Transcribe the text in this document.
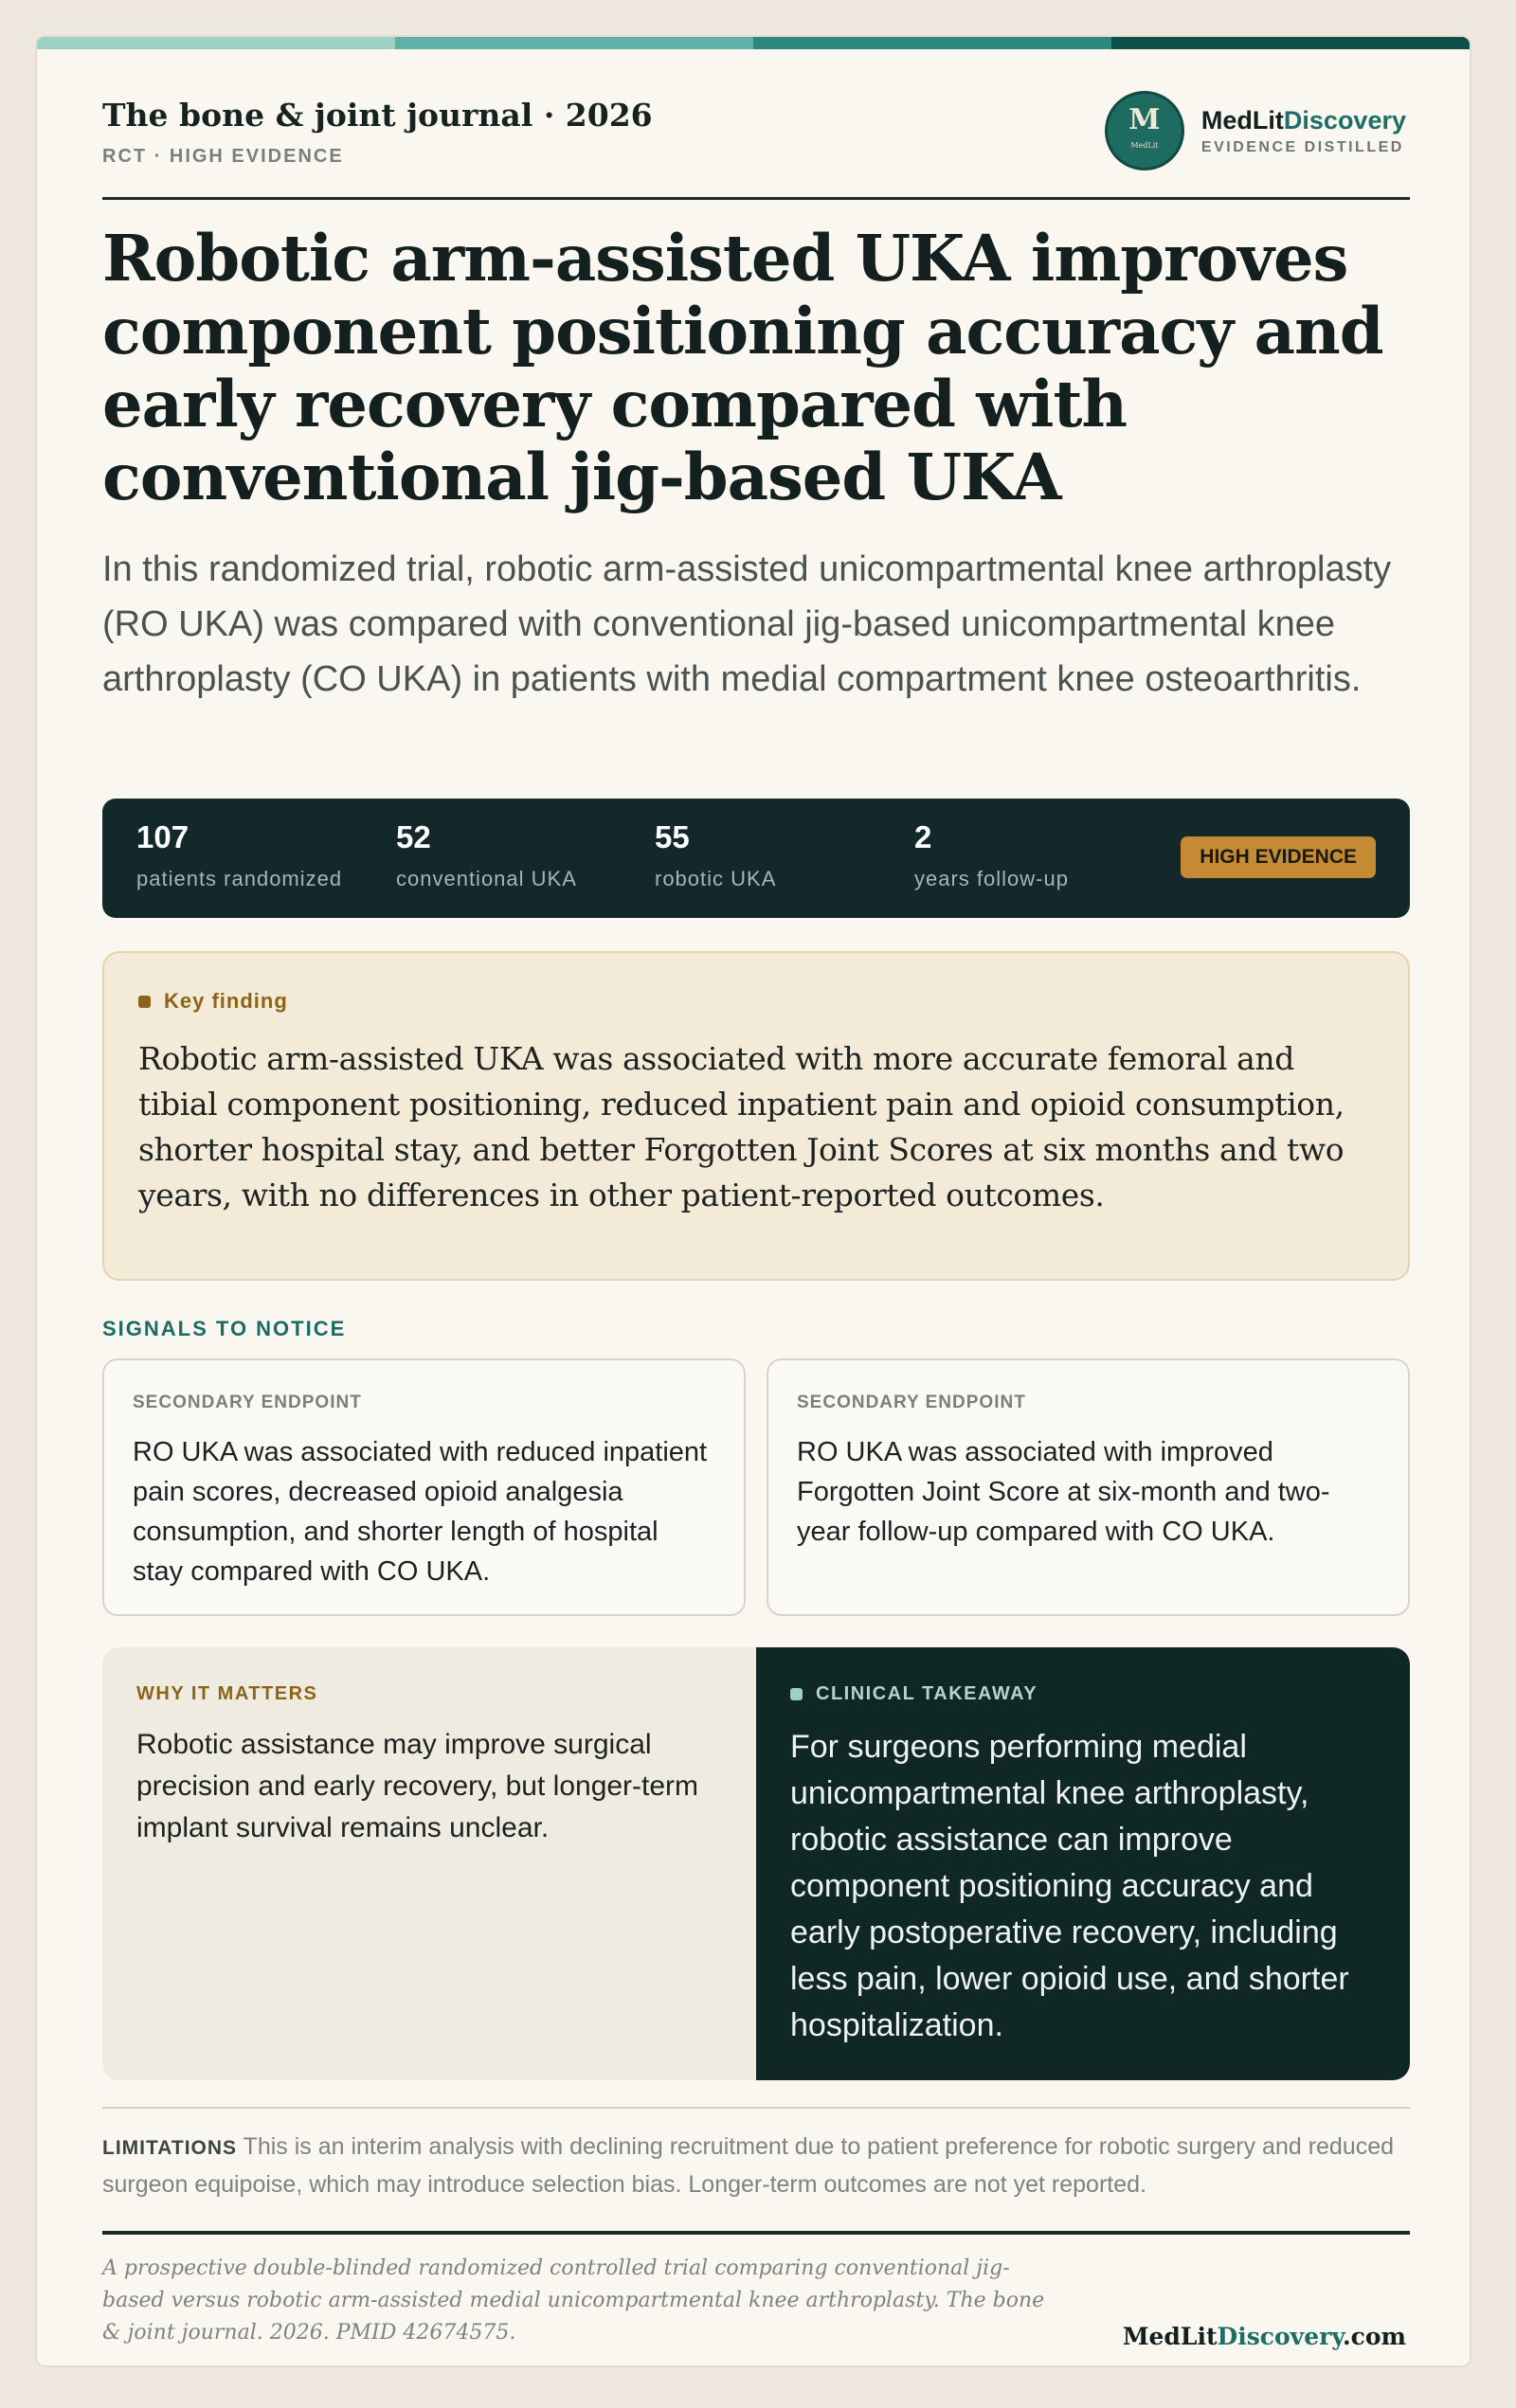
The bone & joint journal · 2026
RCT · HIGH EVIDENCE
M
MedLit
MedLitDiscovery
EVIDENCE DISTILLED
Robotic arm-assisted UKA improves component positioning accuracy and early recovery compared with conventional jig-based UKA
In this randomized trial, robotic arm-assisted unicompartmental knee arthroplasty (RO UKA) was compared with conventional jig-based unicompartmental knee arthroplasty (CO UKA) in patients with medial compartment knee osteoarthritis.
107
patients randomized
52
conventional UKA
55
robotic UKA
2
years follow-up
HIGH EVIDENCE
Key finding
Robotic arm-assisted UKA was associated with more accurate femoral and tibial component positioning, reduced inpatient pain and opioid consumption, shorter hospital stay, and better Forgotten Joint Scores at six months and two years, with no differences in other patient-reported outcomes.
SIGNALS TO NOTICE
SECONDARY ENDPOINT
RO UKA was associated with reduced inpatient pain scores, decreased opioid analgesia consumption, and shorter length of hospital stay compared with CO UKA.
SECONDARY ENDPOINT
RO UKA was associated with improved Forgotten Joint Score at six-month and two-year follow-up compared with CO UKA.
WHY IT MATTERS
Robotic assistance may improve surgical precision and early recovery, but longer-term implant survival remains unclear.
CLINICAL TAKEAWAY
For surgeons performing medial unicompartmental knee arthroplasty, robotic assistance can improve component positioning accuracy and early postoperative recovery, including less pain, lower opioid use, and shorter hospitalization.
LIMITATIONS This is an interim analysis with declining recruitment due to patient preference for robotic surgery and reduced surgeon equipoise, which may introduce selection bias. Longer-term outcomes are not yet reported.
A prospective double-blinded randomized controlled trial comparing conventional jig-based versus robotic arm-assisted medial unicompartmental knee arthroplasty. The bone & joint journal. 2026. PMID 42674575.	MedLitDiscovery.com
